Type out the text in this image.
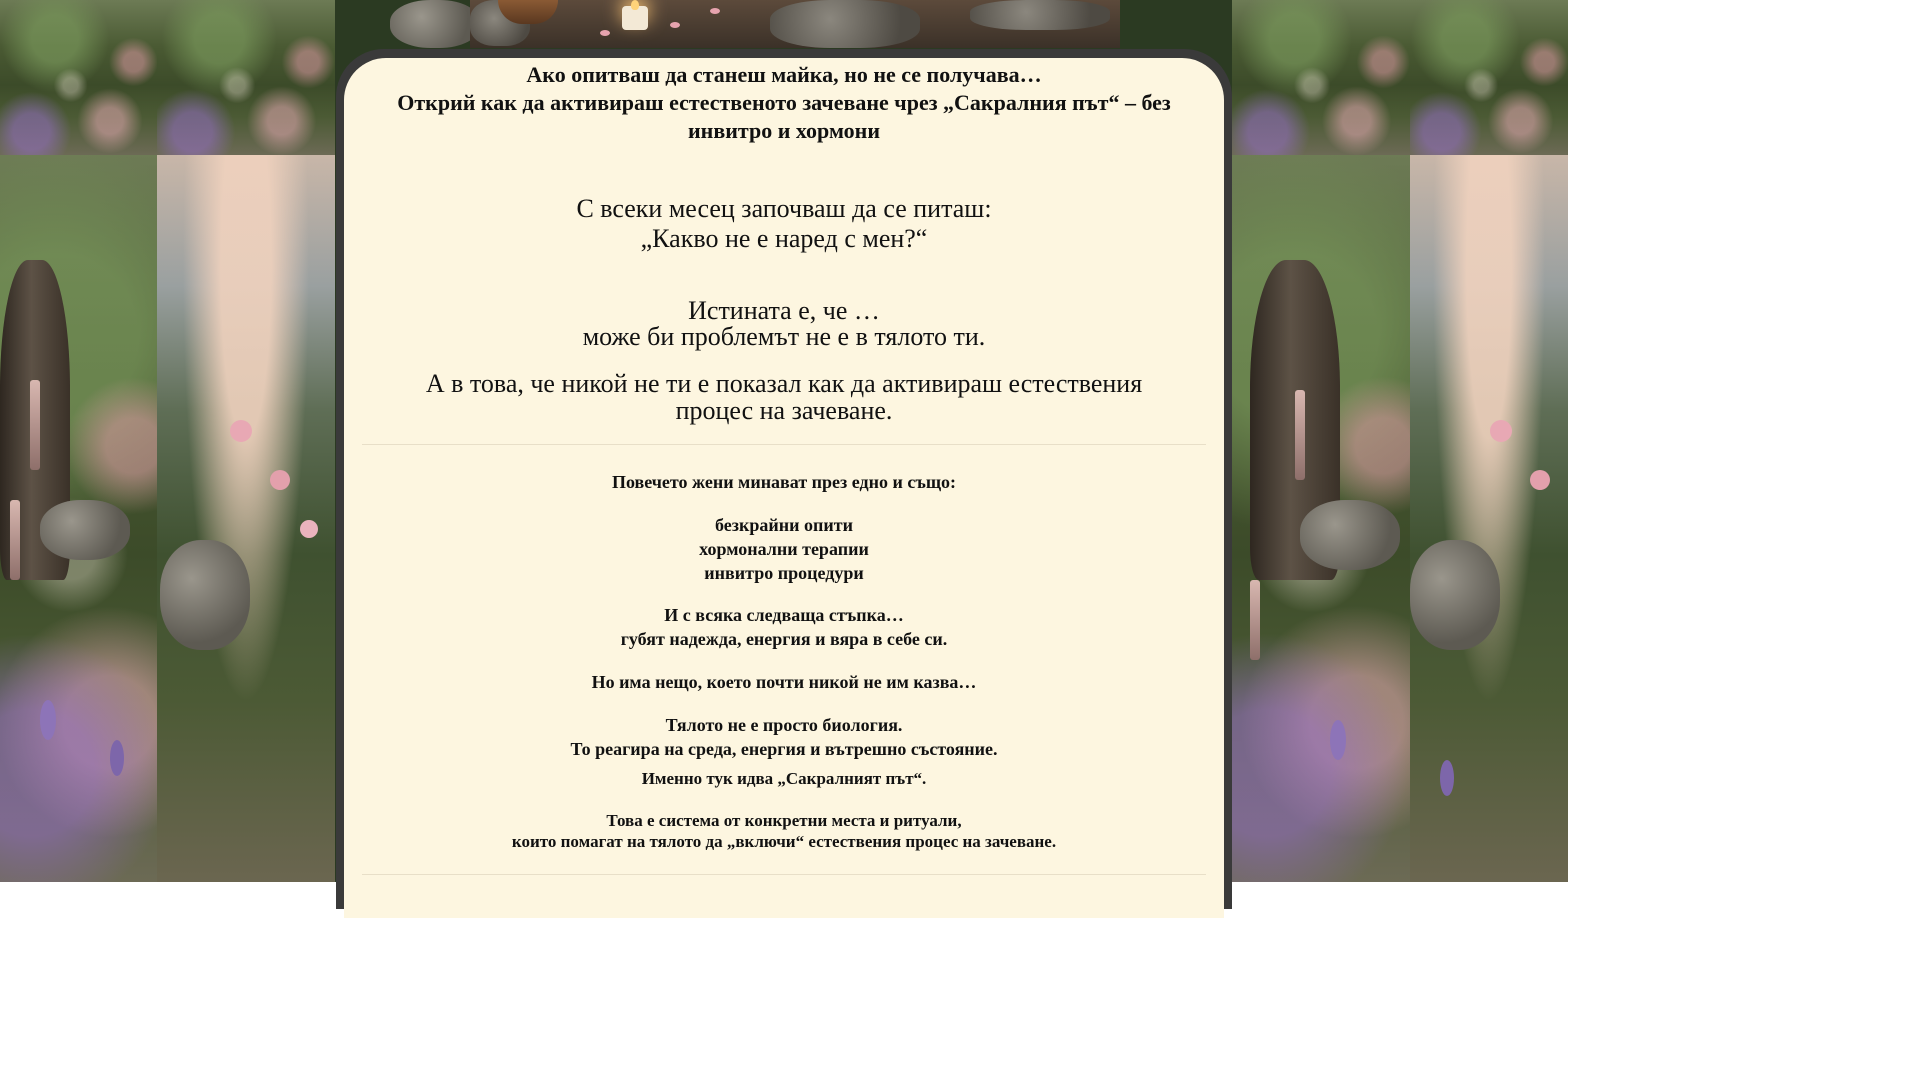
Ако опитваш да станеш майка, но не се получава…
Открий как да активираш естественото зачеване чрез „Сакралния път“ – без
инвитро и хормони

С всеки месец започваш да се питаш:
„Какво не е наред с мен?“

Истината е, че …
може би проблемът не е в тялото ти.

А в това, че никой не ти е показал как да активираш естествения
процес на зачеване.

Повечето жени минават през едно и също:

безкрайни опити
хормонални терапии
инвитро процедури

И с всяка следваща стъпка…
губят надежда, енергия и вяра в себе си.

Но има нещо, което почти никой не им казва…

Тялото не е просто биология.
То реагира на среда, енергия и вътрешно състояние.

Именно тук идва „Сакралният път“.

Това е система от конкретни места и ритуали,
които помагат на тялото да „включи“ естествения процес на зачеване.
